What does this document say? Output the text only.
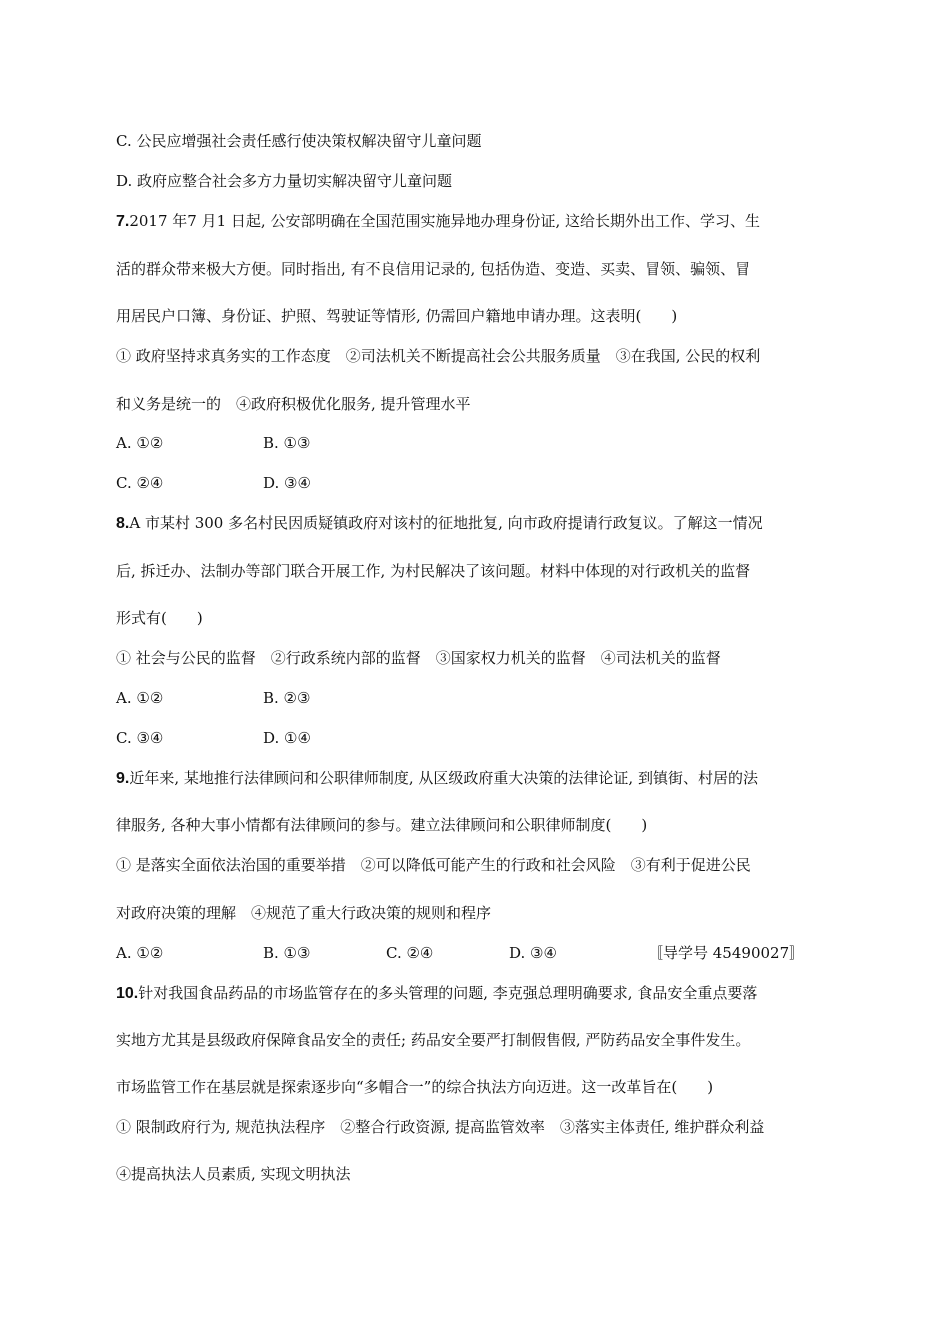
C. 公民应增强社会责任感行使决策权解决留守儿童问题
D. 政府应整合社会多方力量切实解决留守儿童问题
7.2017 年7 月1 日起, 公安部明确在全国范围实施异地办理身份证, 这给长期外出工作、学习、生
活的群众带来极大方便。同时指出, 有不良信用记录的, 包括伪造、变造、买卖、冒领、骗领、冒
用居民户口簿、身份证、护照、驾驶证等情形, 仍需回户籍地申请办理。这表明(　　)
① 政府坚持求真务实的工作态度　②司法机关不断提高社会公共服务质量　③在我国, 公民的权利
和义务是统一的　④政府积极优化服务, 提升管理水平
A. ①②	B. ①③
C. ②④	D. ③④
8.A 市某村 300 多名村民因质疑镇政府对该村的征地批复, 向市政府提请行政复议。了解这一情况
后, 拆迁办、法制办等部门联合开展工作, 为村民解决了该问题。材料中体现的对行政机关的监督
形式有(　　)
① 社会与公民的监督　②行政系统内部的监督　③国家权力机关的监督　④司法机关的监督
A. ①②	B. ②③
C. ③④	D. ①④
9.近年来, 某地推行法律顾问和公职律师制度, 从区级政府重大决策的法律论证, 到镇街、村居的法
律服务, 各种大事小情都有法律顾问的参与。建立法律顾问和公职律师制度(　　)
① 是落实全面依法治国的重要举措　②可以降低可能产生的行政和社会风险　③有利于促进公民
对政府决策的理解　④规范了重大行政决策的规则和程序
A. ①②	B. ①③	C. ②④	D. ③④	〚导学号 45490027〛
10.针对我国食品药品的市场监管存在的多头管理的问题, 李克强总理明确要求, 食品安全重点要落
实地方尤其是县级政府保障食品安全的责任; 药品安全要严打制假售假, 严防药品安全事件发生。
市场监管工作在基层就是探索逐步向“多帽合一”的综合执法方向迈进。这一改革旨在(　　)
① 限制政府行为, 规范执法程序　②整合行政资源, 提高监管效率　③落实主体责任, 维护群众利益
④提高执法人员素质, 实现文明执法
